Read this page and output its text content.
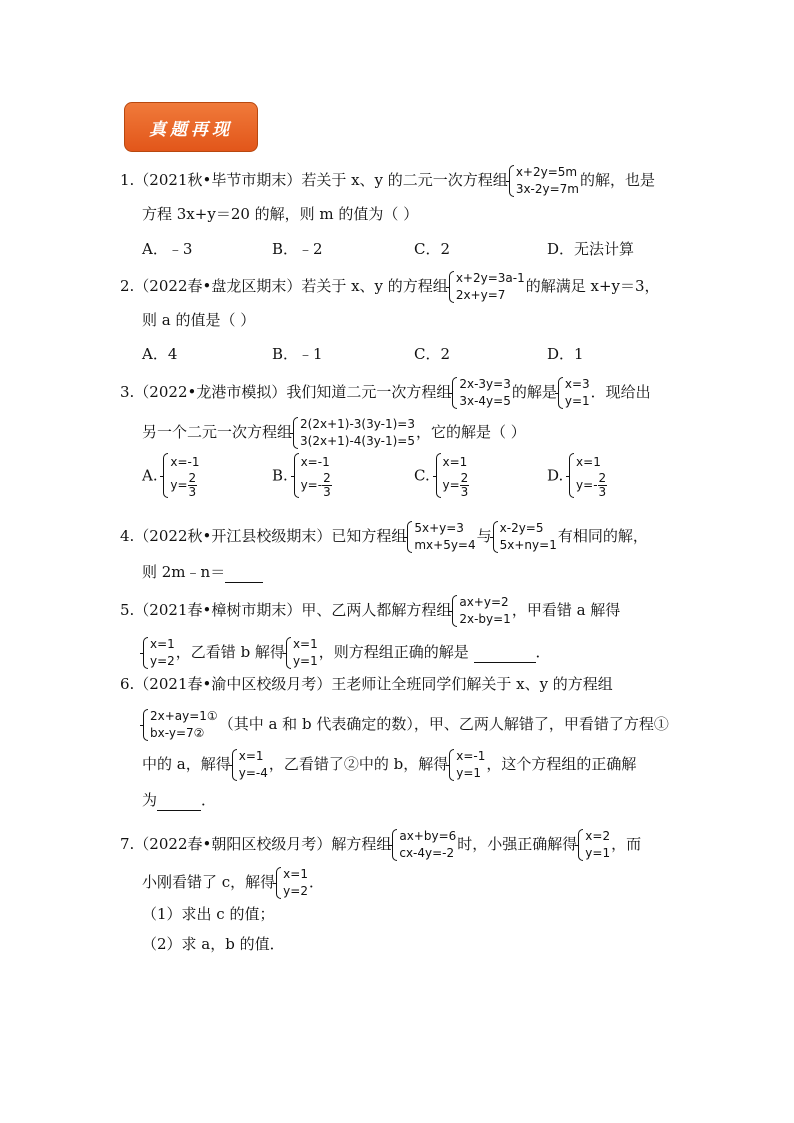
真题再现
1.（2021秋•毕节市期末）若关于 x、y 的二元一次方程组 x+2y=5m
3x-2y=7m 的解，也是
方程 3x+y＝20 的解，则 m 的值为（ ）
A．﹣3	B．﹣2	C．2	D．无法计算
2.（2022春•盘龙区期末）若关于 x、y 的方程组 x+2y=3a-1
2x+y=7	的解满足 x+y＝3，
则 a 的值是（ ）
A．4	B．﹣1	C．2	D．1
3.（2022•龙港市模拟）我们知道二元一次方程组 2x-3y=3
3x-4y=5 的解是 x=3
y=1 ．现给出
另一个二元一次方程组 2(2x+1)-3(3y-1)=3
3(2x+1)-4(3y-1)=5 ，它的解是（ ）
A.
x=-1
$y= \frac{2}{3}$	B.
x=-1
$y=- \frac{2}{3}$	C.
x=1
$y= \frac{2}{3}$	D.
x=1
$y=- \frac{2}{3}$
4.（2022秋•开江县校级期末）已知方程组 5x+y=3
mx+5y=4 与 x-2y=5
5x+ny=1 有相同的解，
则 2m﹣n＝
5.（2021春•樟树市期末）甲、乙两人都解方程组 ax+y=2
2x-by=1 ，甲看错 a 解得
x=1
y=2 ，乙看错 b 解得 x=1
y=1 ，则方程组正确的解是	．
6.（2021春•渝中区校级月考）王老师让全班同学们解关于 x、y 的方程组
2x+ay=1①
bx-y=7② （其中 a 和 b 代表确定的数），甲、乙两人解错了，甲看错了方程①
中的 a，解得 x=1
y=-4 ，乙看错了②中的 b，解得 x=-1
y=1 ，这个方程组的正确解
为	．
7.（2022春•朝阳区校级月考）解方程组 ax+by=6
cx-4y=-2 时，小强正确解得 x=2
y=1 ，而
小刚看错了 c，解得 x=1
y=2 ．
（1）求出 c 的值；
（2）求 a，b 的值．
